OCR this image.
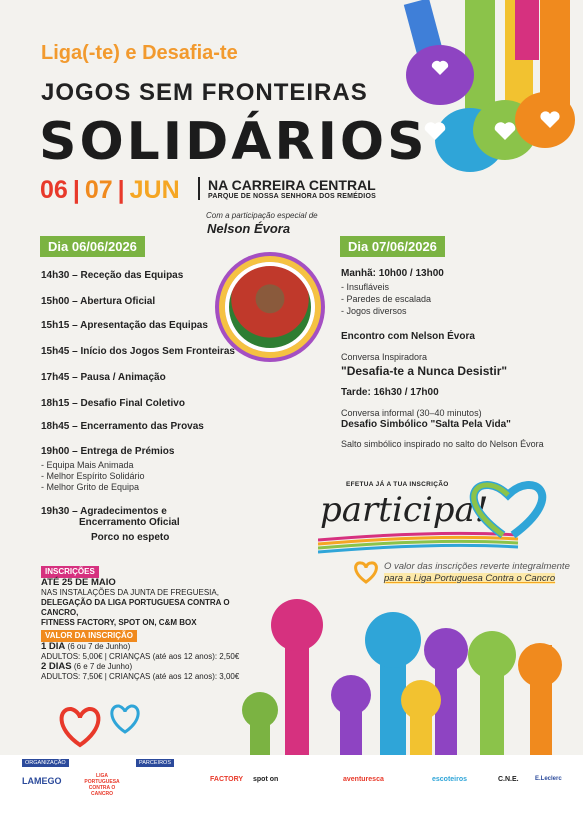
Liga(-te) e Desafia-te
JOGOS SEM FRONTEIRAS
SOLIDÁRIOS
06 | 07 | JUN NA CARREIRA CENTRAL
PARQUE DE NOSSA SENHORA DOS REMÉDIOS
Com a participação especial de
Nelson Évora
Dia 06/06/2026
14h30 – Receção das Equipas
15h00 – Abertura Oficial
15h15 – Apresentação das Equipas
15h45 – Início dos Jogos Sem Fronteiras
17h45 – Pausa / Animação
18h15 – Desafio Final Coletivo
18h45 – Encerramento das Provas
19h00 – Entrega de Prémios
- Equipa Mais Animada
- Melhor Espírito Solidário
- Melhor Grito de Equipa
19h30 – Agradecimentos e
Encerramento Oficial
Porco no espeto
Dia 07/06/2026
Manhã: 10h00 / 13h00
- Insufláveis
- Paredes de escalada
- Jogos diversos
Encontro com Nelson Évora
Conversa Inspiradora
"Desafia-te a Nunca Desistir"
Tarde: 16h30 / 17h00
Conversa informal (30–40 minutos)
Desafio Simbólico "Salta Pela Vida"
Salto simbólico inspirado no salto do Nelson Évora
EFETUA JÁ A TUA INSCRIÇÃO
participa!
O valor das inscrições reverte integralmente
para a Liga Portuguesa Contra o Cancro
INSCRIÇÕES
ATÉ 25 DE MAIO
NAS INSTALAÇÕES DA JUNTA DE FREGUESIA,
DELEGAÇÃO DA LIGA PORTUGUESA CONTRA O CANCRO,
FITNESS FACTORY, SPOT ON, C&M BOX
VALOR DA INSCRIÇÃO
1 DIA (6 ou 7 de Junho)
ADULTOS: 5,00€ | CRIANÇAS (até aos 12 anos): 2,50€
2 DIAS (6 e 7 de Junho)
ADULTOS: 7,50€ | CRIANÇAS (até aos 12 anos): 3,00€
ORGANIZAÇÃO	PARCEIROS
LAMEGO	LIGA PORTUGUESA CONTRA O CANCRO
FACTORY spot on	aventuresca	escoteiros	C.N.E.	E.Leclerc
